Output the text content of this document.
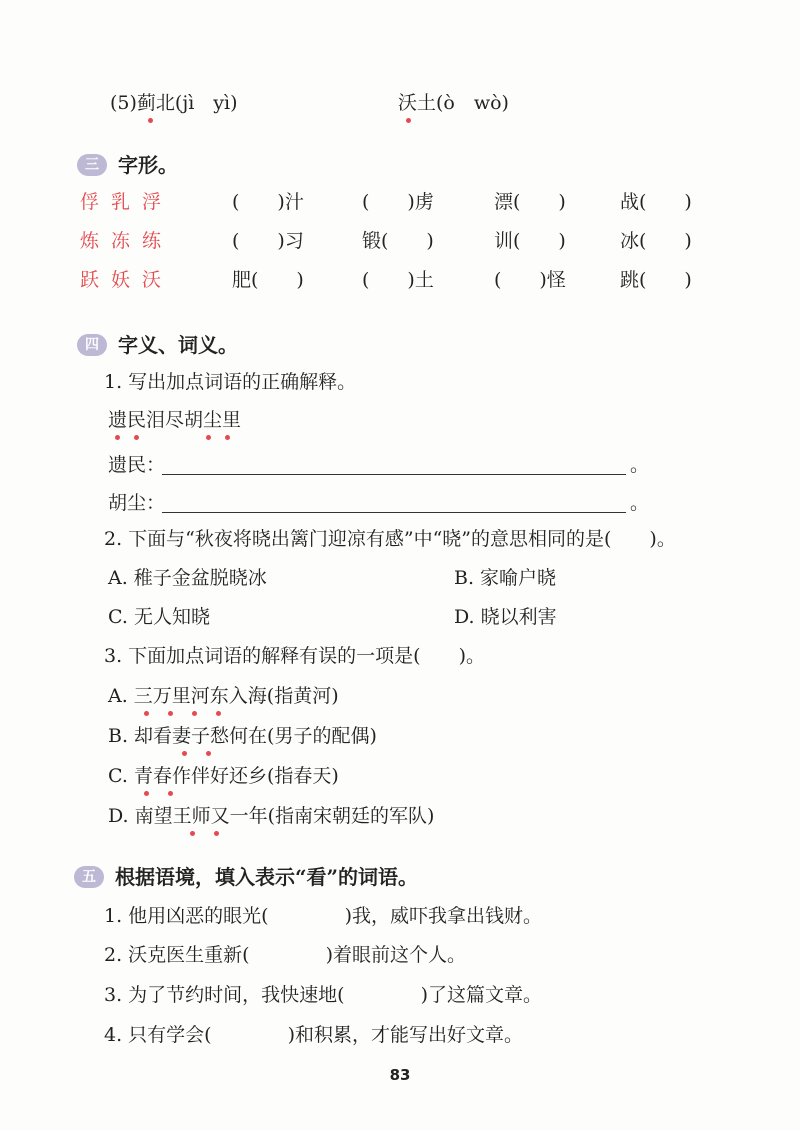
(5)蓟北(jì　yì)	沃土(ò　wò)
三 字形。
俘乳浮	(　　)汁	(　　)虏	漂(　　)	战(　　)
炼冻练	(　　)习	锻(　　)	训(　　)	冰(　　)
跃妖沃	肥(　　)	(　　)土	(　　)怪	跳(　　)
四 字义、词义。
1. 写出加点词语的正确解释。
遗民泪尽胡尘里
遗民：	。
胡尘：	。
2. 下面与“秋夜将晓出篱门迎凉有感”中“晓”的意思相同的是(　　)。
A. 稚子金盆脱晓冰	B. 家喻户晓
C. 无人知晓	D. 晓以利害
3. 下面加点词语的解释有误的一项是(　　)。
A. 三万里河东入海(指黄河)
B. 却看妻子愁何在(男子的配偶)
C. 青春作伴好还乡(指春天)
D. 南望王师又一年(指南宋朝廷的军队)
五 根据语境，填入表示“看”的词语。
1. 他用凶恶的眼光(　　　　)我，威吓我拿出钱财。
2. 沃克医生重新(　　　　)着眼前这个人。
3. 为了节约时间，我快速地(　　　　)了这篇文章。
4. 只有学会(　　　　)和积累，才能写出好文章。
83
